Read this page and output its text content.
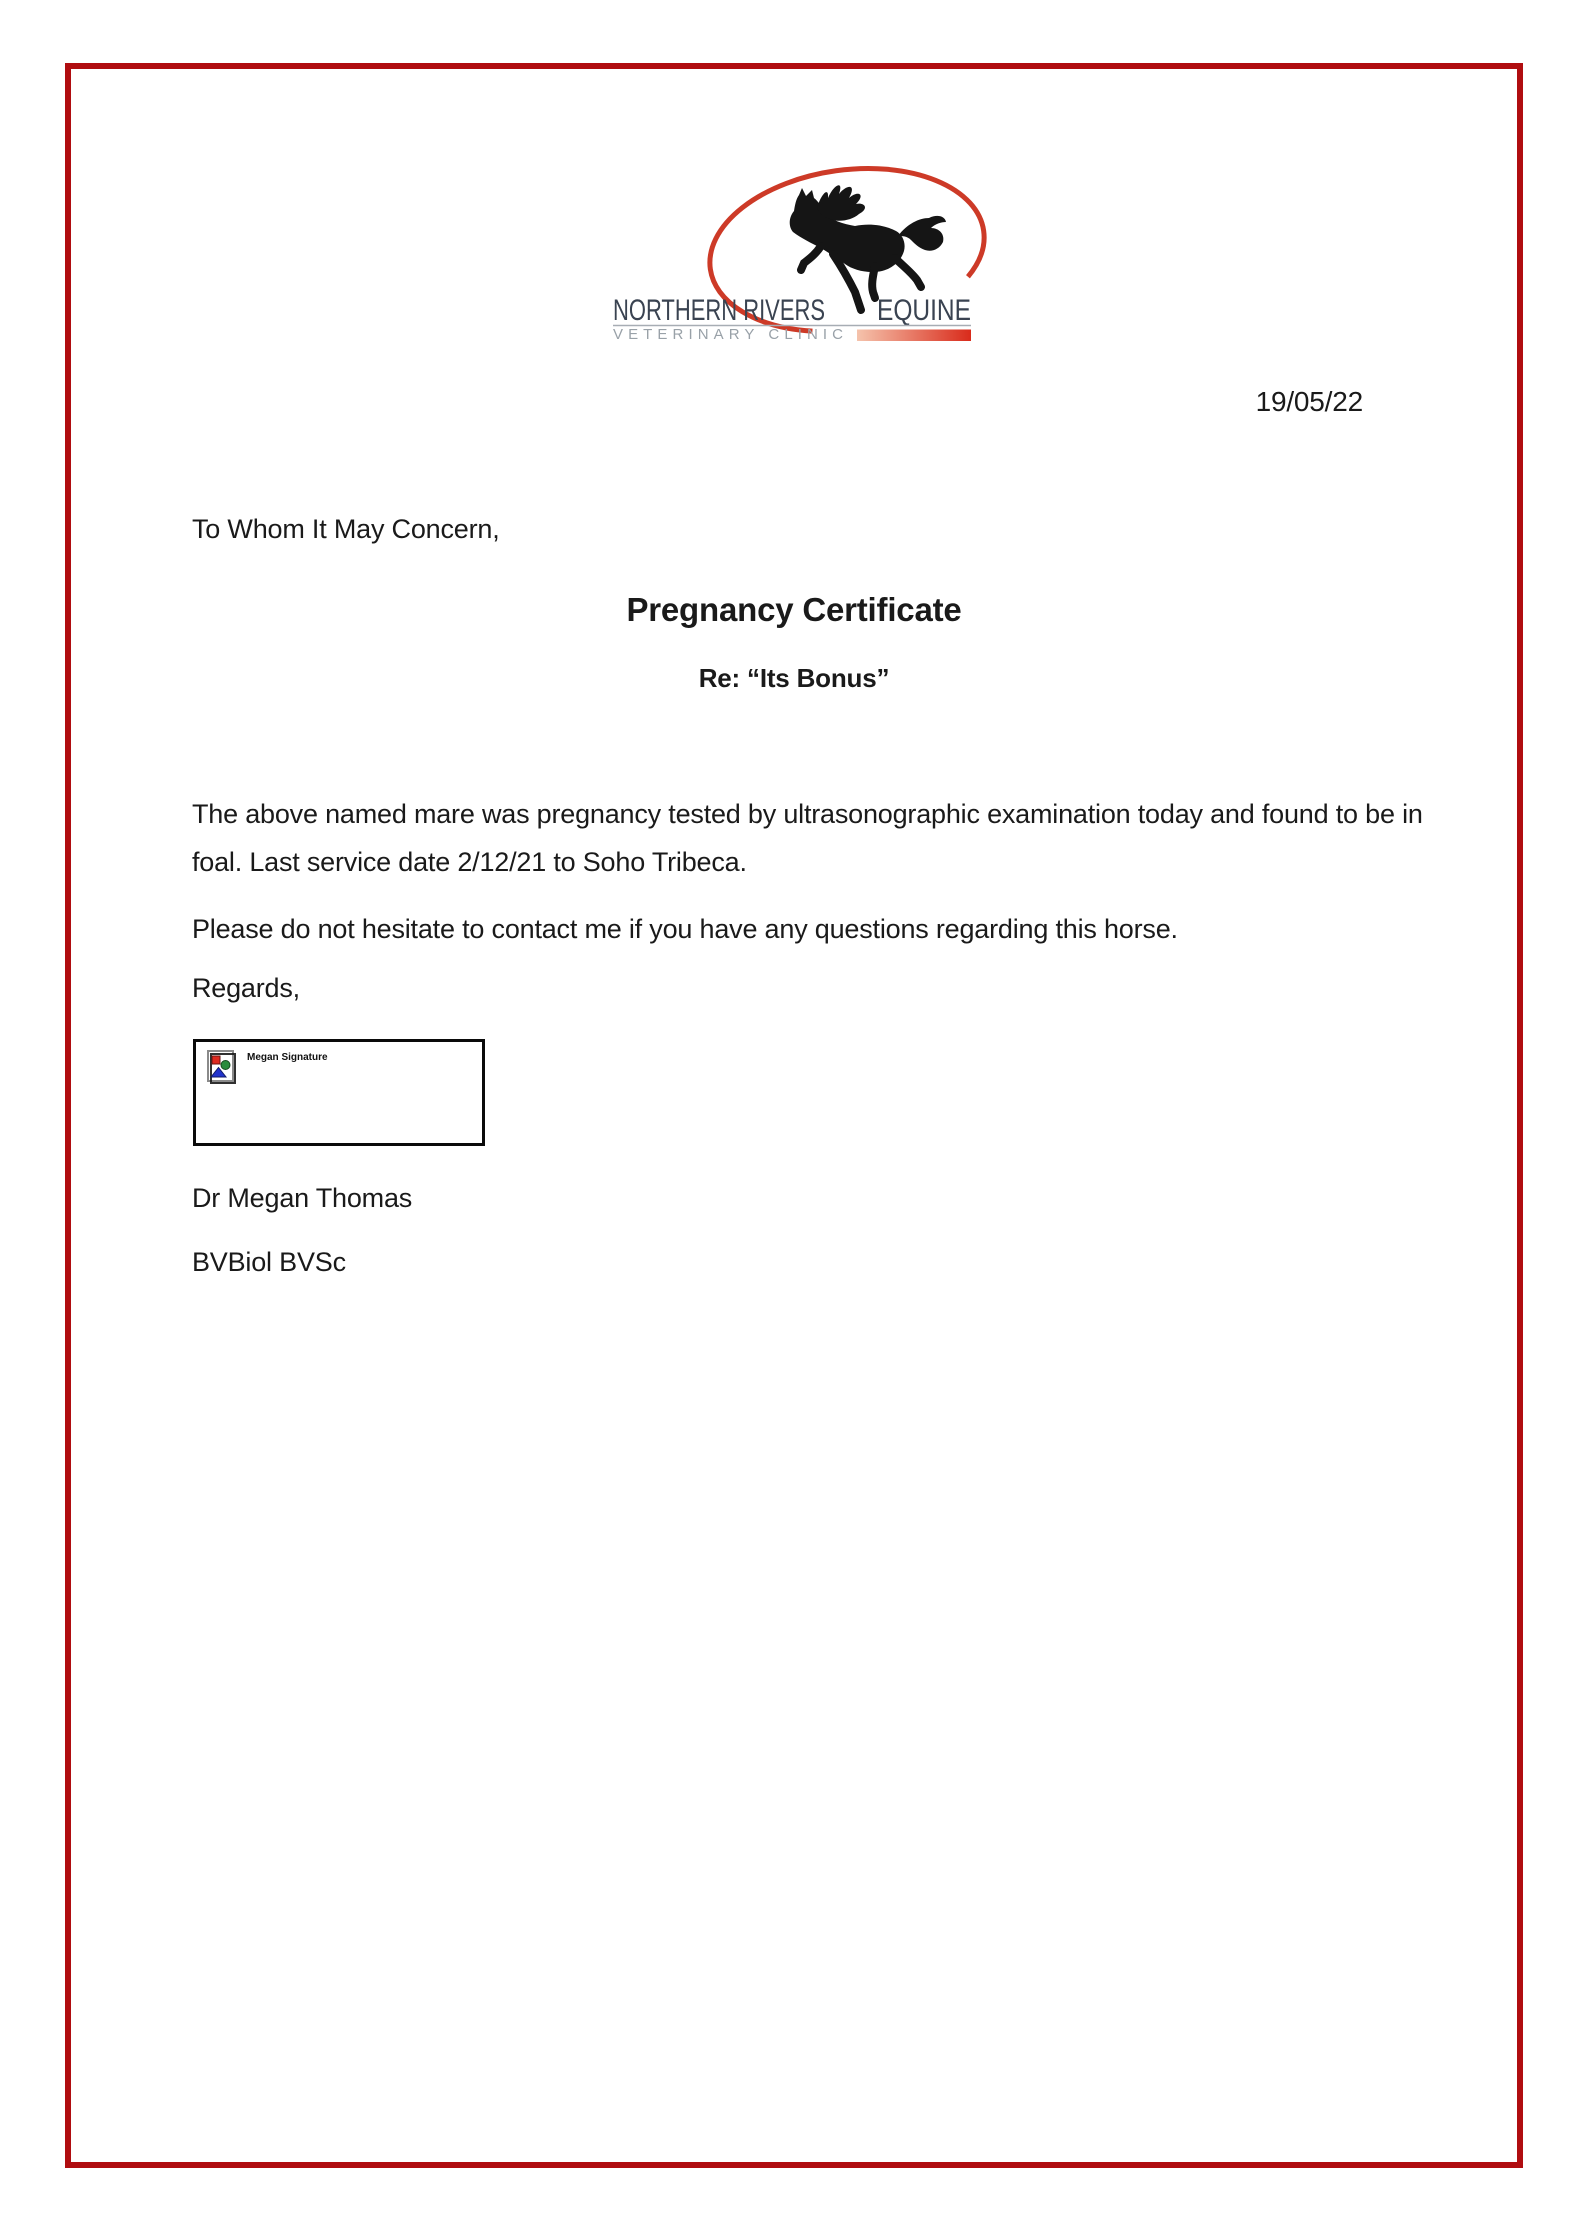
NORTHERN RIVERS EQUINE
VETERINARY CLINIC
19/05/22
To Whom It May Concern,
Pregnancy Certificate
Re: “Its Bonus”
The above named mare was pregnancy tested by ultrasonographic examination today and found to be in foal. Last service date 2/12/21 to Soho Tribeca.
Please do not hesitate to contact me if you have any questions regarding this horse.
Regards,
Megan Signature
Dr Megan Thomas
BVBiol BVSc
